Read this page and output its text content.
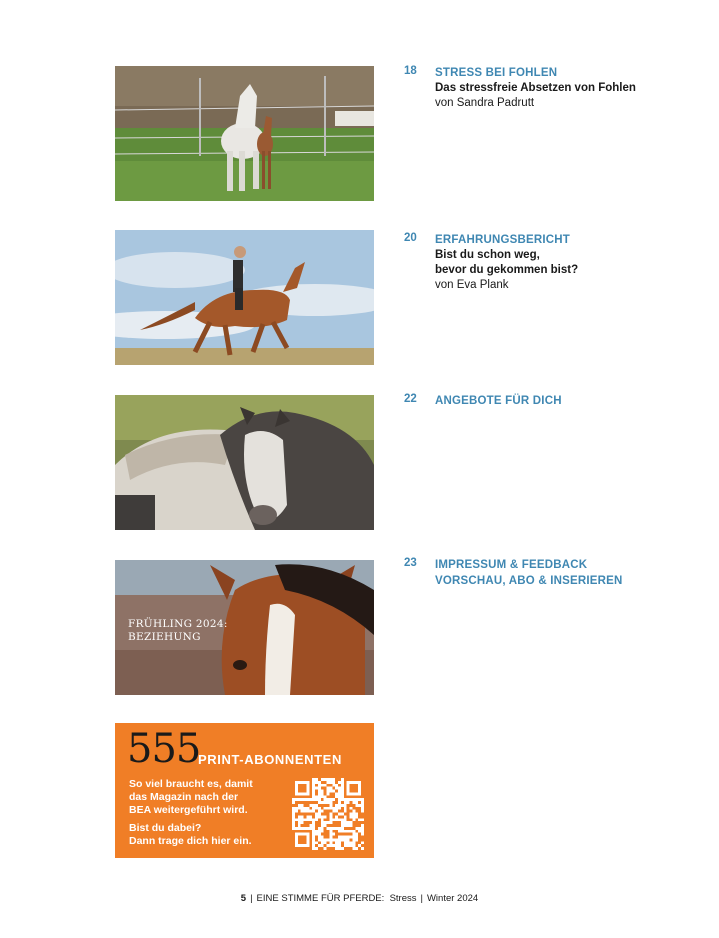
18 STRESS BEI FOHLEN
Das stressfreie Absetzen von Fohlen
von Sandra Padrutt
20 ERFAHRUNGSBERICHT
Bist du schon weg,
bevor du gekommen bist?
von Eva Plank
22 ANGEBOTE FÜR DICH
FRÜHLING 2024:
BEZIEHUNG
23 IMPRESSUM & FEEDBACK
VORSCHAU, ABO & INSERIEREN
555
PRINT-ABONNENTEN

So viel braucht es, damit
das Magazin nach der
BEA weitergeführt wird.

Bist du dabei?
Dann trage dich hier ein.

5 | EINE STIMME FÜR PFERDE: Stress | Winter 2024
